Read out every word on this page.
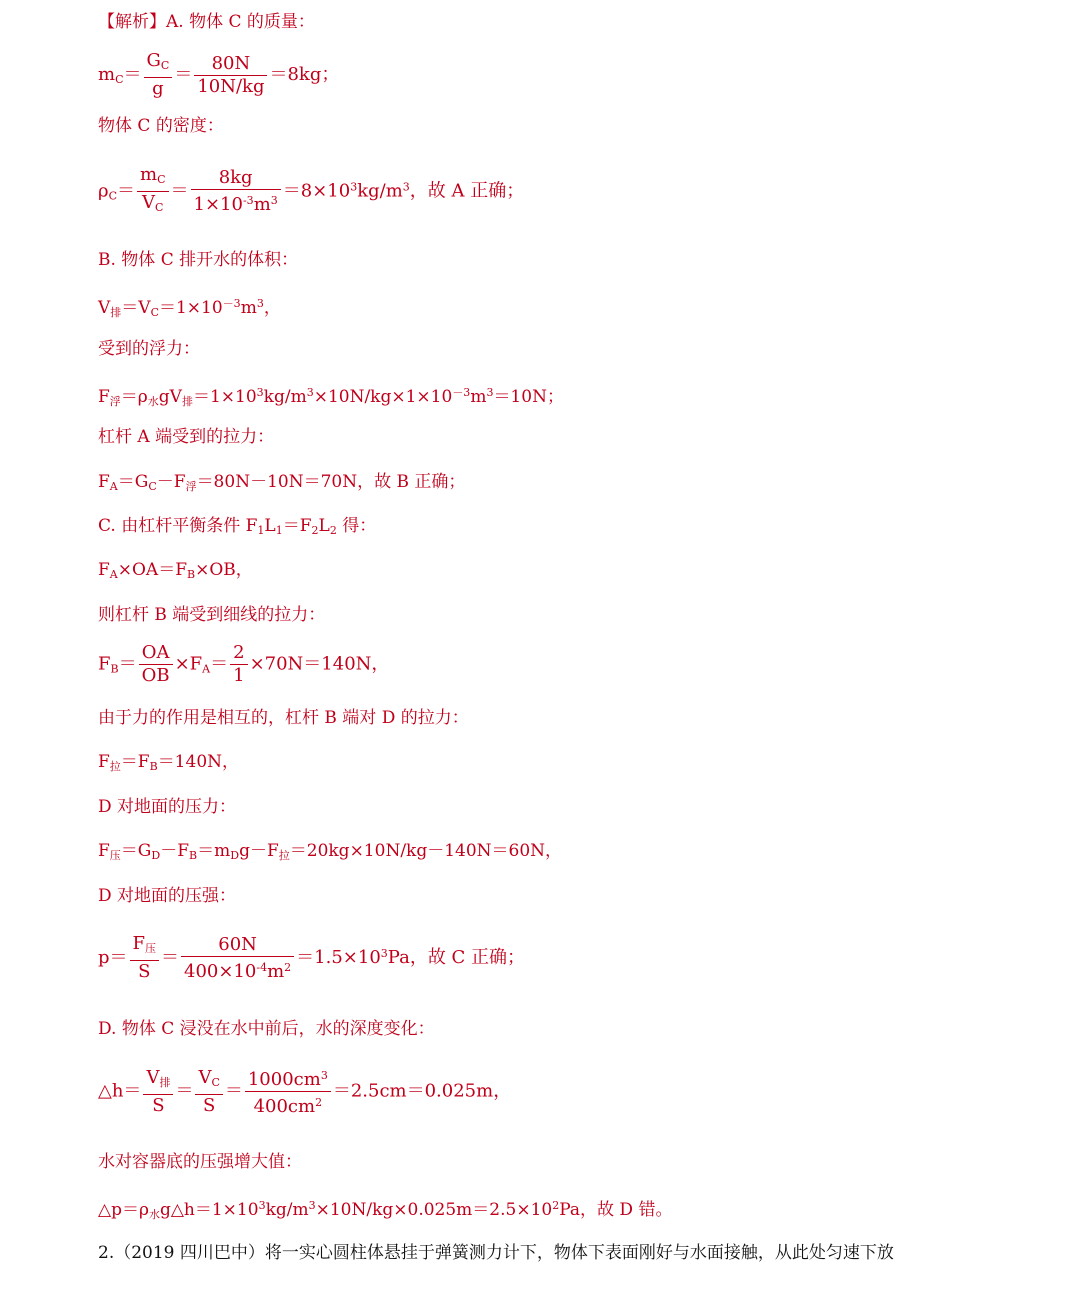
【解析】A. 物体 C 的质量：
$m_C= \frac{G_C}{g} = \frac{80N}{10N/kg} =8kg$；
物体 C 的密度：
$\rho_C= \frac{m_C}{V_C} = \frac{8kg}{1\times 10^{-3}m^3} =8\times 10^3kg/m^3$，故 A 正确；
B. 物体 C 排开水的体积：
$V_排=V_C=1\times 10^{-3}m^3$，
受到的浮力：
$F_浮=\rho_水gV_排=1\times 10^3kg/m^3\times 10N/kg\times 1\times 10^{-3}m^3=10N$；
杠杆 A 端受到的拉力：
$F_A=G_C-F_浮=80N-10N=70N$，故 B 正确；
C. 由杠杆平衡条件 $F_1L_1=F_2L_2$ 得：
$F_A\times OA=F_B\times OB$，
则杠杆 B 端受到细线的拉力：
$F_B= \frac{OA}{OB} \times F_A= \frac{2}{1} \times 70N=140N$，
由于力的作用是相互的，杠杆 B 端对 D 的拉力：
$F_拉=F_B=140N$，
D 对地面的压力：
$F_压=G_D-F_B=m_Dg-F_拉=20kg\times 10N/kg-140N=60N$，
D 对地面的压强：
$p= \frac{F_压}{S} = \frac{60N}{400\times 10^{-4}m^2} =1.5\times 10^3Pa$，故 C 正确；
D. 物体 C 浸没在水中前后，水的深度变化：
△h＝ $\frac{V_排}{S} = \frac{V_C}{S} = \frac{1000cm^3}{400cm^2} =2.5cm=0.025m$，
水对容器底的压强增大值：
$\triangle p=\rho_水g\triangle h=1\times 10^3kg/m^3\times 10N/kg\times 0.025m=2.5\times 10^2Pa$，故 D 错。
2.（2019 四川巴中）将一实心圆柱体悬挂于弹簧测力计下，物体下表面刚好与水面接触，从此处匀速下放
